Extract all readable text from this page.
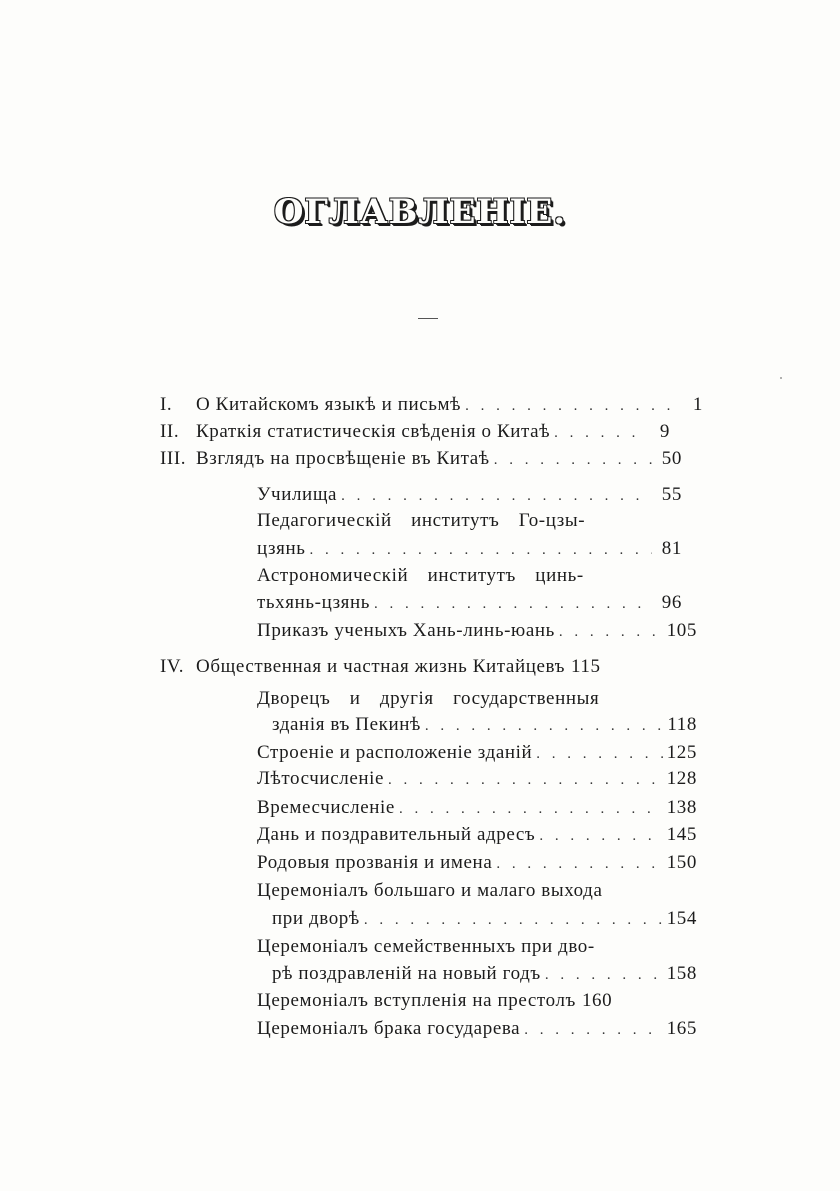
ОГЛАВЛЕНІЕ.
I.	О Китайскомъ языкѣ и письмѣ . . .	1
II. Краткія статистическія свѣденія о Китаѣ . . .	9
III. Взглядъ на просвѣщеніе въ Китаѣ . . .	50
Училища . . .	55
Педагогическій институтъ Го-цзы-
цзянь . . .	81
Астрономическій институтъ цинь-
тьхянь-цзянь . . .	96
Приказъ ученыхъ Хань-линь-юань . . .	105
IV. Общественная и частная жизнь Китайцевъ 115
Дворецъ и другія государственныя
зданія въ Пекинѣ . . .	118
Строеніе и расположеніе зданій . . .	125
Лѣтосчисленіе . . .	128
Времесчисленіе . . .	138
Дань и поздравительный адресъ . . .	145
Родовыя прозванія и имена . . .	150
Церемоніалъ большаго и малаго выхода
при дворѣ . . .	154
Церемоніалъ семейственныхъ при дво-
рѣ поздравленій на новый годъ . . .	158
Церемоніалъ вступленія на престолъ 160
Церемоніалъ брака государева . . .	165
